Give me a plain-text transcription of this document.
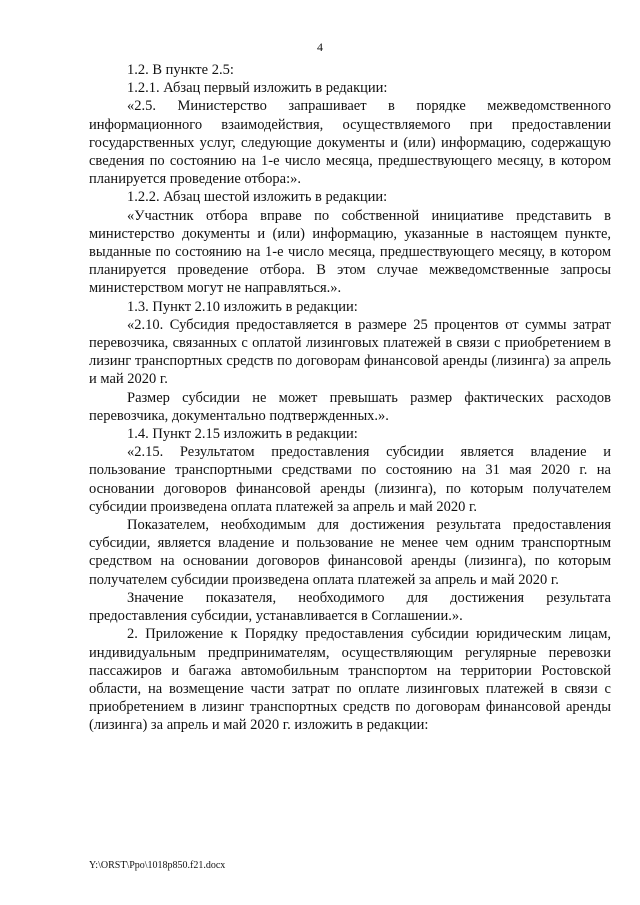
4

1.2. В пункте 2.5:

1.2.1. Абзац первый изложить в редакции:

«2.5. Министерство запрашивает в порядке межведомственного информационного взаимодействия, осуществляемого при предоставлении государственных услуг, следующие документы и (или) информацию, содержащую сведения по состоянию на 1-е число месяца, предшествующего месяцу, в котором планируется проведение отбора:».

1.2.2. Абзац шестой изложить в редакции:

«Участник отбора вправе по собственной инициативе представить в министерство документы и (или) информацию, указанные в настоящем пункте, выданные по состоянию на 1-е число месяца, предшествующего месяцу, в котором планируется проведение отбора. В этом случае межведомственные запросы министерством могут не направляться.».

1.3. Пункт 2.10 изложить в редакции:

«2.10. Субсидия предоставляется в размере 25 процентов от суммы затрат перевозчика, связанных с оплатой лизинговых платежей в связи с приобретением в лизинг транспортных средств по договорам финансовой аренды (лизинга) за апрель и май 2020 г.

Размер субсидии не может превышать размер фактических расходов перевозчика, документально подтвержденных.».

1.4. Пункт 2.15 изложить в редакции:

«2.15. Результатом предоставления субсидии является владение и пользование транспортными средствами по состоянию на 31 мая 2020 г. на основании договоров финансовой аренды (лизинга), по которым получателем субсидии произведена оплата платежей за апрель и май 2020 г.

Показателем, необходимым для достижения результата предоставления субсидии, является владение и пользование не менее чем одним транспортным средством на основании договоров финансовой аренды (лизинга), по которым получателем субсидии произведена оплата платежей за апрель и май 2020 г.

Значение показателя, необходимого для достижения результата предоставления субсидии, устанавливается в Соглашении.».

2. Приложение к Порядку предоставления субсидии юридическим лицам, индивидуальным предпринимателям, осуществляющим регулярные перевозки пассажиров и багажа автомобильным транспортом на территории Ростовской области, на возмещение части затрат по оплате лизинговых платежей в связи с приобретением в лизинг транспортных средств по договорам финансовой аренды (лизинга) за апрель и май 2020 г. изложить в редакции:

Y:\ORST\Ppo\1018p850.f21.docx
